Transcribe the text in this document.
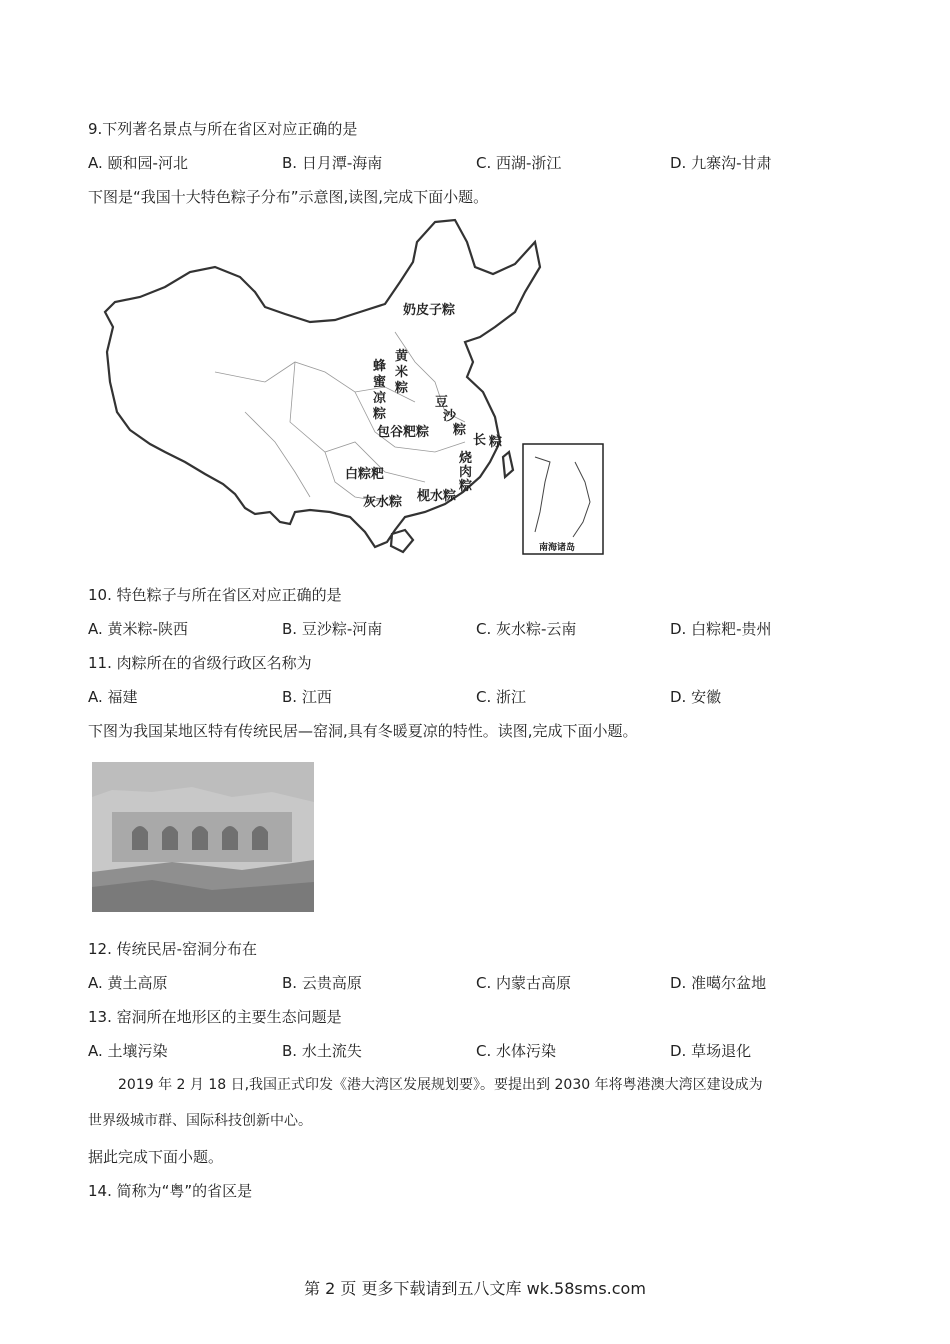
9.下列著名景点与所在省区对应正确的是
A. 颐和园-河北	B. 日月潭-海南	C. 西湖-浙江	D. 九寨沟-甘肃
下图是“我国十大特色粽子分布”示意图,读图,完成下面小题。
奶皮子粽
黄
米
粽
蜂
蜜
凉
粽
豆
沙
粽
包谷粑粽
长 粽
烧
肉
粽
白粽粑
灰水粽 枧水粽
南海诸岛
10. 特色粽子与所在省区对应正确的是
A. 黄米粽-陕西	B. 豆沙粽-河南	C. 灰水粽-云南	D. 白粽粑-贵州
11. 肉粽所在的省级行政区名称为
A. 福建	B. 江西	C. 浙江	D. 安徽
下图为我国某地区特有传统民居—窑洞,具有冬暖夏凉的特性。读图,完成下面小题。
12. 传统民居-窑洞分布在
A. 黄土高原	B. 云贵高原	C. 内蒙古高原	D. 准噶尔盆地
13. 窑洞所在地形区的主要生态问题是
A. 土壤污染	B. 水土流失	C. 水体污染	D. 草场退化
2019 年 2 月 18 日,我国正式印发《港大湾区发展规划要》。要提出到 2030 年将粤港澳大湾区建设成为
世界级城市群、国际科技创新中心。
据此完成下面小题。
14. 简称为“粤”的省区是
第 2 页 更多下载请到五八文库 wk.58sms.com
